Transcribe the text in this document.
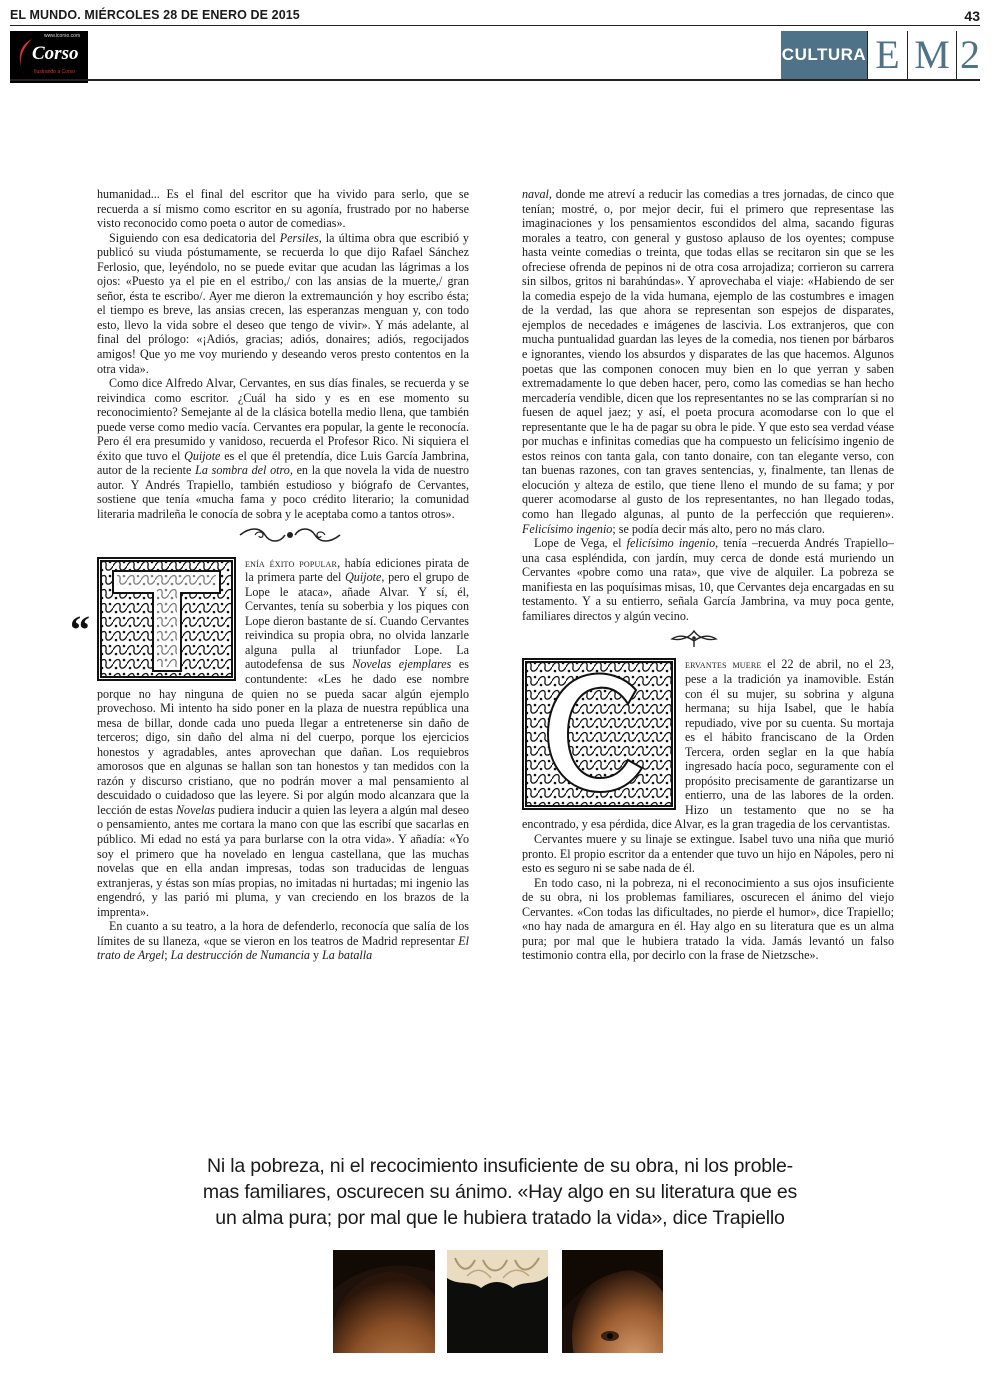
EL MUNDO. MIÉRCOLES 28 DE ENERO DE 2015	43
www.icorso.com
Corso
Ilustrando a Corso
CULTURA E M 2

humanidad... Es el final del escritor que ha vivido para serlo, que se recuerda a sí mismo como escritor en su agonía, frustrado por no haberse visto reconocido como poeta o autor de comedias».

Siguiendo con esa dedicatoria del Persiles, la última obra que escribió y publicó su viuda póstumamente, se recuerda lo que dijo Rafael Sánchez Ferlosio, que, leyéndolo, no se puede evitar que acudan las lágrimas a los ojos: «Puesto ya el pie en el estribo,/ con las ansias de la muerte,/ gran señor, ésta te escribo/. Ayer me dieron la extremaunción y hoy escribo ésta; el tiempo es breve, las ansias crecen, las esperanzas menguan y, con todo esto, llevo la vida sobre el deseo que tengo de vivir». Y más adelante, al final del prólogo: «¡Adiós, gracias; adiós, donaires; adiós, regocijados amigos! Que yo me voy muriendo y deseando veros presto contentos en la otra vida».

Como dice Alfredo Alvar, Cervantes, en sus días finales, se recuerda y se reivindica como escritor. ¿Cuál ha sido y es en ese momento su reconocimiento? Semejante al de la clásica botella medio llena, que también puede verse como medio vacía. Cervantes era popular, la gente le reconocía. Pero él era presumido y vanidoso, recuerda el Profesor Rico. Ni siquiera el éxito que tuvo el Quijote es el que él pretendía, dice Luis García Jambrina, autor de la reciente La sombra del otro, en la que novela la vida de nuestro autor. Y Andrés Trapiello, también estudioso y biógrafo de Cervantes, sostiene que tenía «mucha fama y poco crédito literario; la comunidad literaria madrileña le conocía de sobra y le aceptaba como a tantos otros».

enía éxito popular, había ediciones pirata de la primera parte del Quijote, pero el grupo de Lope le ataca», añade Alvar. Y sí, él, Cervantes, tenía su soberbia y los piques con Lope dieron bastante de sí. Cuando Cervantes reivindica su propia obra, no olvida lanzarle alguna pulla al triunfador Lope. La autodefensa de sus Novelas ejemplares es contundente: «Les he dado ese nombre porque no hay ninguna de quien no se pueda sacar algún ejemplo provechoso. Mi intento ha sido poner en la plaza de nuestra república una mesa de billar, donde cada uno pueda llegar a entretenerse sin daño de terceros; digo, sin daño del alma ni del cuerpo, porque los ejercicios honestos y agradables, antes aprovechan que dañan. Los requiebros amorosos que en algunas se hallan son tan honestos y tan medidos con la razón y discurso cristiano, que no podrán mover a mal pensamiento al descuidado o cuidadoso que las leyere. Si por algún modo alcanzara que la lección de estas Novelas pudiera inducir a quien las leyera a algún mal deseo o pensamiento, antes me cortara la mano con que las escribí que sacarlas en público. Mi edad no está ya para burlarse con la otra vida». Y añadía: «Yo soy el primero que ha novelado en lengua castellana, que las muchas novelas que en ella andan impresas, todas son traducidas de lenguas extranjeras, y éstas son mías propias, no imitadas ni hurtadas; mi ingenio las engendró, y las parió mi pluma, y van creciendo en los brazos de la imprenta».

En cuanto a su teatro, a la hora de defenderlo, reconocía que salía de los límites de su llaneza, «que se vieron en los teatros de Madrid representar El trato de Argel; La destrucción de Numancia y La batalla

“

naval, donde me atreví a reducir las comedias a tres jornadas, de cinco que tenían; mostré, o, por mejor decir, fui el primero que representase las imaginaciones y los pensamientos escondidos del alma, sacando figuras morales a teatro, con general y gustoso aplauso de los oyentes; compuse hasta veinte comedias o treinta, que todas ellas se recitaron sin que se les ofreciese ofrenda de pepinos ni de otra cosa arrojadiza; corrieron su carrera sin silbos, gritos ni barahúndas». Y aprovechaba el viaje: «Habiendo de ser la comedia espejo de la vida humana, ejemplo de las costumbres e imagen de la verdad, las que ahora se representan son espejos de disparates, ejemplos de necedades e imágenes de lascivia. Los extranjeros, que con mucha puntualidad guardan las leyes de la comedia, nos tienen por bárbaros e ignorantes, viendo los absurdos y disparates de las que hacemos. Algunos poetas que las componen conocen muy bien en lo que yerran y saben extremadamente lo que deben hacer, pero, como las comedias se han hecho mercadería vendible, dicen que los representantes no se las comprarían si no fuesen de aquel jaez; y así, el poeta procura acomodarse con lo que el representante que le ha de pagar su obra le pide. Y que esto sea verdad véase por muchas e infinitas comedias que ha compuesto un felicísimo ingenio de estos reinos con tanta gala, con tanto donaire, con tan elegante verso, con tan buenas razones, con tan graves sentencias, y, finalmente, tan llenas de elocución y alteza de estilo, que tiene lleno el mundo de su fama; y por querer acomodarse al gusto de los representantes, no han llegado todas, como han llegado algunas, al punto de la perfección que requieren». Felicísimo ingenio; se podía decir más alto, pero no más claro.

Lope de Vega, el felicísimo ingenio, tenía –recuerda Andrés Trapiello– una casa espléndida, con jardín, muy cerca de donde está muriendo un Cervantes «pobre como una rata», que vive de alquiler. La pobreza se manifiesta en las poquísimas misas, 10, que Cervantes deja encargadas en su testamento. Y a su entierro, señala García Jambrina, va muy poca gente, familiares directos y algún vecino.

ervantes muere el 22 de abril, no el 23, pese a la tradición ya inamovible. Están con él su mujer, su sobrina y alguna hermana; su hija Isabel, que le había repudiado, vive por su cuenta. Su mortaja es el hábito franciscano de la Orden Tercera, orden seglar en la que había ingresado hacía poco, seguramente con el propósito precisamente de garantizarse un entierro, una de las labores de la orden. Hizo un testamento que no se ha encontrado, y esa pérdida, dice Alvar, es la gran tragedia de los cervantistas.

Cervantes muere y su linaje se extingue. Isabel tuvo una niña que murió pronto. El propio escritor da a entender que tuvo un hijo en Nápoles, pero ni esto es seguro ni se sabe nada de él.

En todo caso, ni la pobreza, ni el reconocimiento a sus ojos insuficiente de su obra, ni los problemas familiares, oscurecen el ánimo del viejo Cervantes. «Con todas las dificultades, no pierde el humor», dice Trapiello; «no hay nada de amargura en él. Hay algo en su literatura que es un alma pura; por mal que le hubiera tratado la vida. Jamás levantó un falso testimonio contra ella, por decirlo con la frase de Nietzsche».

Ni la pobreza, ni el recocimiento insuficiente de su obra, ni los proble-
mas familiares, oscurecen su ánimo. «Hay algo en su literatura que es
un alma pura; por mal que le hubiera tratado la vida», dice Trapiello
